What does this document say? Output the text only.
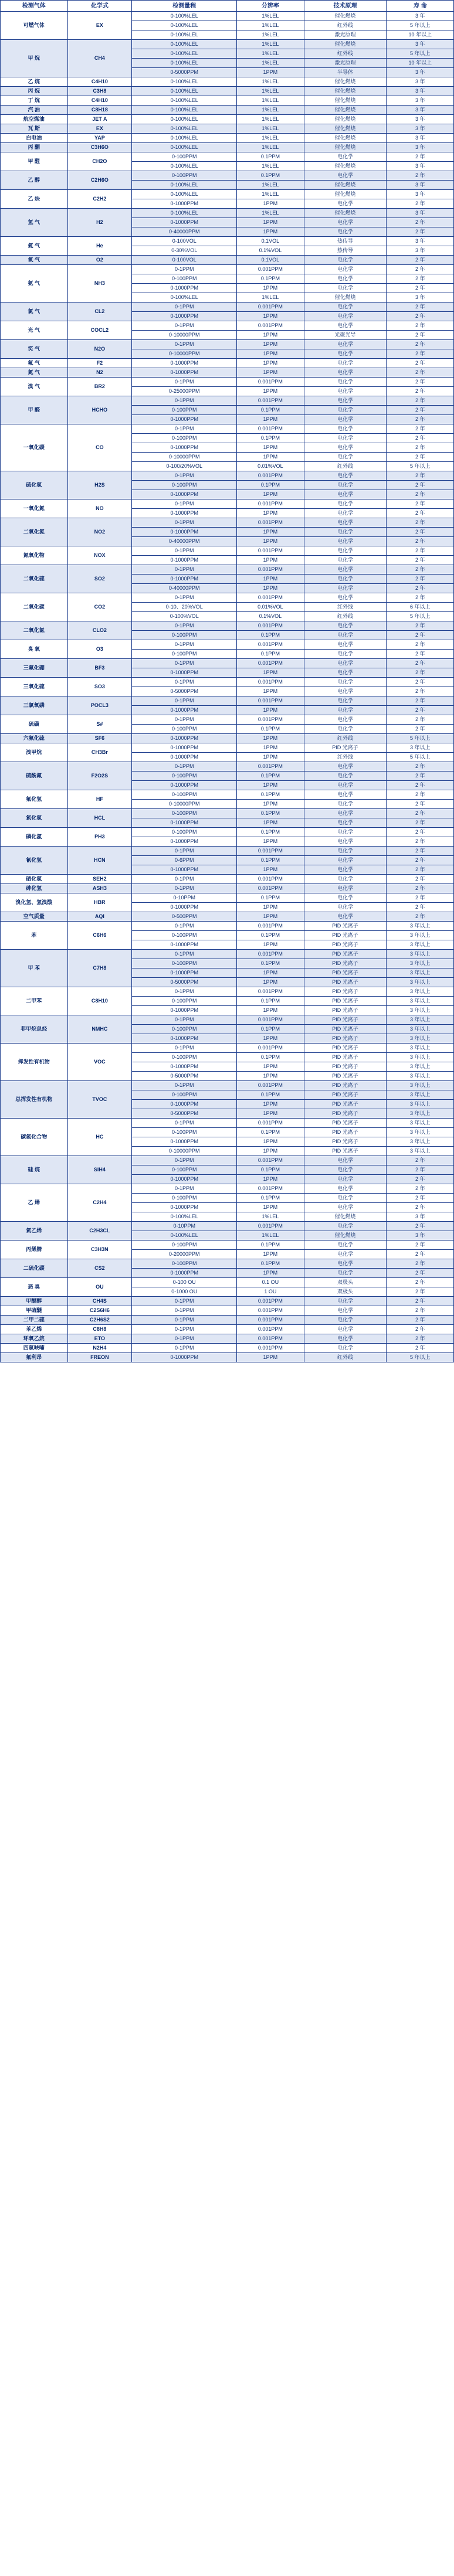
检测气体	化学式	检测量程	分辨率	技术原理	寿 命
可燃气体	EX	0-100%LEL	1%LEL	催化燃烧	3 年
		0-100%LEL	1%LEL	红外线	5 年以上
		0-100%LEL	1%LEL	激光原理	10 年以上
甲 烷	CH4	0-100%LEL	1%LEL	催化燃烧	3 年
		0-100%LEL	1%LEL	红外线	5 年以上
		0-100%LEL	1%LEL	激光原理	10 年以上
		0-5000PPM	1PPM	半导体	3 年
乙 烷	C4H10	0-100%LEL	1%LEL	催化燃烧	3 年
丙 烷	C3H8	0-100%LEL	1%LEL	催化燃烧	3 年
丁 烷	C4H10	0-100%LEL	1%LEL	催化燃烧	3 年
汽 油	C8H18	0-100%LEL	1%LEL	催化燃烧	3 年
航空煤油	JET A	0-100%LEL	1%LEL	催化燃烧	3 年
瓦 斯	EX	0-100%LEL	1%LEL	催化燃烧	3 年
白电油	YAP	0-100%LEL	1%LEL	催化燃烧	3 年
丙 酮	C3H6O	0-100%LEL	1%LEL	催化燃烧	3 年
甲 醛	CH2O	0-100PPM	0.1PPM	电化学	2 年
		0-100%LEL	1%LEL	催化燃烧	3 年
乙 醇	C2H6O	0-100PPM	0.1PPM	电化学	2 年
		0-100%LEL	1%LEL	催化燃烧	3 年
乙 炔	C2H2	0-100%LEL	1%LEL	催化燃烧	3 年
		0-1000PPM	1PPM	电化学	2 年
氢 气	H2	0-100%LEL	1%LEL	催化燃烧	3 年
		0-1000PPM	1PPM	电化学	2 年
		0-40000PPM	1PPM	电化学	2 年
氦 气	He	0-100VOL	0.1VOL	热传导	3 年
		0-30%VOL	0.1%VOL	热传导	3 年
氧 气	O2	0-100VOL	0.1VOL	电化学	2 年
氨 气	NH3	0-1PPM	0.001PPM	电化学	2 年
		0-100PPM	0.1PPM	电化学	2 年
		0-1000PPM	1PPM	电化学	2 年
		0-100%LEL	1%LEL	催化燃烧	3 年
氯 气	CL2	0-1PPM	0.001PPM	电化学	2 年
		0-1000PPM	1PPM	电化学	2 年
光 气	COCL2	0-1PPM	0.001PPM	电化学	2 年
		0-10000PPM	1PPM	光聚光导	2 年
笑 气	N2O	0-1PPM	1PPM	电化学	2 年
		0-10000PPM	1PPM	电化学	2 年
氟 气	F2	0-1000PPM	1PPM	电化学	2 年
氮 气	N2	0-1000PPM	1PPM	电化学	2 年
溴 气	BR2	0-1PPM	0.001PPM	电化学	2 年
		0-25000PPM	1PPM	电化学	2 年
甲 醛	HCHO	0-1PPM	0.001PPM	电化学	2 年
		0-100PPM	0.1PPM	电化学	2 年
		0-1000PPM	1PPM	电化学	2 年
一氧化碳	CO	0-1PPM	0.001PPM	电化学	2 年
		0-100PPM	0.1PPM	电化学	2 年
		0-1000PPM	1PPM	电化学	2 年
		0-10000PPM	1PPM	电化学	2 年
		0-100/20%VOL	0.01%VOL	红外线	5 年以上
硫化氢	H2S	0-1PPM	0.001PPM	电化学	2 年
		0-100PPM	0.1PPM	电化学	2 年
		0-1000PPM	1PPM	电化学	2 年
一氧化氮	NO	0-1PPM	0.001PPM	电化学	2 年
		0-1000PPM	1PPM	电化学	2 年
二氧化氮	NO2	0-1PPM	0.001PPM	电化学	2 年
		0-1000PPM	1PPM	电化学	2 年
		0-40000PPM	1PPM	电化学	2 年
氮氧化物	NOX	0-1PPM	0.001PPM	电化学	2 年
		0-1000PPM	1PPM	电化学	2 年
二氧化硫	SO2	0-1PPM	0.001PPM	电化学	2 年
		0-1000PPM	1PPM	电化学	2 年
		0-40000PPM	1PPM	电化学	2 年
二氧化碳	CO2	0-1PPM	0.001PPM	电化学	2 年
		0-10、20%VOL	0.01%VOL	红外线	6 年以上
		0-100%VOL	0.1%VOL	红外线	5 年以上
二氧化氯	CLO2	0-1PPM	0.001PPM	电化学	2 年
		0-100PPM	0.1PPM	电化学	2 年
臭 氧	O3	0-1PPM	0.001PPM	电化学	2 年
		0-100PPM	0.1PPM	电化学	2 年
三氟化硼	BF3	0-1PPM	0.001PPM	电化学	2 年
		0-1000PPM	1PPM	电化学	2 年
三氧化硫	SO3	0-1PPM	0.001PPM	电化学	2 年
		0-5000PPM	1PPM	电化学	2 年
三氯氧磷	POCL3	0-1PPM	0.001PPM	电化学	2 年
		0-1000PPM	1PPM	电化学	2 年
硫磺	S#	0-1PPM	0.001PPM	电化学	2 年
		0-100PPM	0.1PPM	电化学	2 年
六氟化硫	SF6	0-1000PPM	1PPM	红外线	5 年以上
溴甲烷	CH3Br	0-1000PPM	1PPM	PID 光离子	3 年以上
		0-1000PPM	1PPM	红外线	5 年以上
硫酰氟	F2O2S	0-1PPM	0.001PPM	电化学	2 年
		0-100PPM	0.1PPM	电化学	2 年
		0-1000PPM	1PPM	电化学	2 年
氟化氢	HF	0-100PPM	0.1PPM	电化学	2 年
		0-10000PPM	1PPM	电化学	2 年
氯化氢	HCL	0-100PPM	0.1PPM	电化学	2 年
		0-1000PPM	1PPM	电化学	2 年
磷化氢	PH3	0-100PPM	0.1PPM	电化学	2 年
		0-1000PPM	1PPM	电化学	2 年
氰化氢	HCN	0-1PPM	0.001PPM	电化学	2 年
		0-6PPM	0.1PPM	电化学	2 年
		0-1000PPM	1PPM	电化学	2 年
硒化氢	SEH2	0-1PPM	0.001PPM	电化学	2 年
砷化氢	ASH3	0-1PPM	0.001PPM	电化学	2 年
溴化氢、氢溴酸	HBR	0-10PPM	0.1PPM	电化学	2 年
		0-1000PPM	1PPM	电化学	2 年
空气质量	AQI	0-500PPM	1PPM	电化学	2 年
苯	C6H6	0-1PPM	0.001PPM	PID 光离子	3 年以上
		0-100PPM	0.1PPM	PID 光离子	3 年以上
		0-1000PPM	1PPM	PID 光离子	3 年以上
甲 苯	C7H8	0-1PPM	0.001PPM	PID 光离子	3 年以上
		0-100PPM	0.1PPM	PID 光离子	3 年以上
		0-1000PPM	1PPM	PID 光离子	3 年以上
		0-5000PPM	1PPM	PID 光离子	3 年以上
二甲苯	C8H10	0-1PPM	0.001PPM	PID 光离子	3 年以上
		0-100PPM	0.1PPM	PID 光离子	3 年以上
		0-1000PPM	1PPM	PID 光离子	3 年以上
非甲烷总烃	NMHC	0-1PPM	0.001PPM	PID 光离子	3 年以上
		0-100PPM	0.1PPM	PID 光离子	3 年以上
		0-1000PPM	1PPM	PID 光离子	3 年以上
挥发性有机物	VOC	0-1PPM	0.001PPM	PID 光离子	3 年以上
		0-100PPM	0.1PPM	PID 光离子	3 年以上
		0-1000PPM	1PPM	PID 光离子	3 年以上
		0-5000PPM	1PPM	PID 光离子	3 年以上
总挥发性有机物	TVOC	0-1PPM	0.001PPM	PID 光离子	3 年以上
		0-100PPM	0.1PPM	PID 光离子	3 年以上
		0-1000PPM	1PPM	PID 光离子	3 年以上
		0-5000PPM	1PPM	PID 光离子	3 年以上
碳氢化合物	HC	0-1PPM	0.001PPM	PID 光离子	3 年以上
		0-100PPM	0.1PPM	PID 光离子	3 年以上
		0-1000PPM	1PPM	PID 光离子	3 年以上
		0-10000PPM	1PPM	PID 光离子	3 年以上
硅 烷	SIH4	0-1PPM	0.001PPM	电化学	2 年
		0-100PPM	0.1PPM	电化学	2 年
		0-1000PPM	1PPM	电化学	2 年
乙 烯	C2H4	0-1PPM	0.001PPM	电化学	2 年
		0-100PPM	0.1PPM	电化学	2 年
		0-1000PPM	1PPM	电化学	2 年
		0-100%LEL	1%LEL	催化燃烧	3 年
氯乙烯	C2H3CL	0-10PPM	0.001PPM	电化学	2 年
		0-100%LEL	1%LEL	催化燃烧	3 年
丙烯腈	C3H3N	0-100PPM	0.1PPM	电化学	2 年
		0-20000PPM	1PPM	电化学	2 年
二硫化碳	CS2	0-100PPM	0.1PPM	电化学	2 年
		0-1000PPM	1PPM	电化学	2 年
恶 臭	OU	0-100 OU	0.1 OU	双极头	2 年
		0-1000 OU	1 OU	双极头	2 年
甲醚醇	CH4S	0-1PPM	0.001PPM	电化学	2 年
甲硫醚	C2S6H6	0-1PPM	0.001PPM	电化学	2 年
二甲二硫	C2H6S2	0-1PPM	0.001PPM	电化学	2 年
苯乙烯	C8H8	0-1PPM	0.001PPM	电化学	2 年
环氧乙烷	ETO	0-1PPM	0.001PPM	电化学	2 年
四氢呋喃	N2H4	0-1PPM	0.001PPM	电化学	2 年
氟利昂	FREON	0-1000PPM	1PPM	红外线	5 年以上
